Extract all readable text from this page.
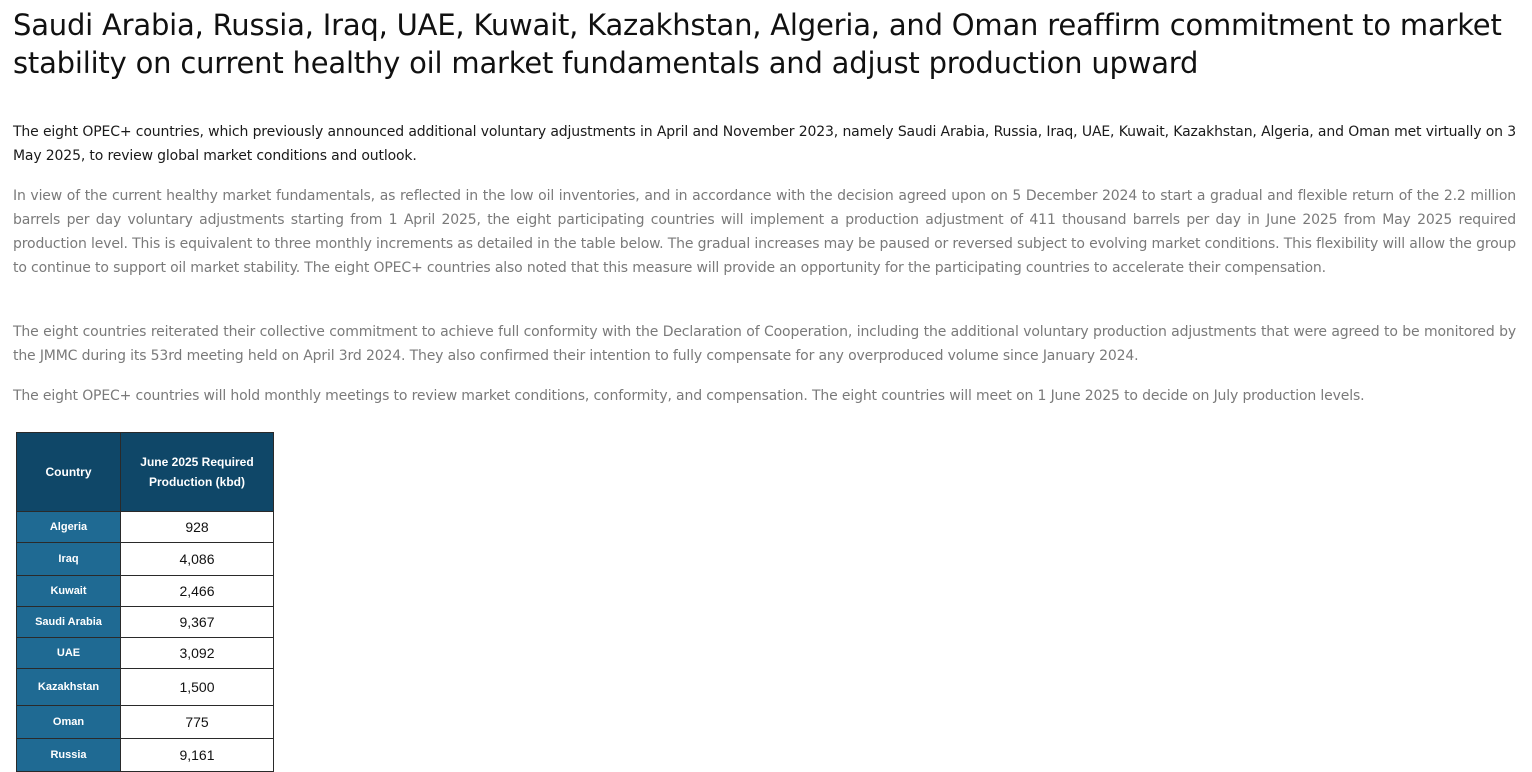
Saudi Arabia, Russia, Iraq, UAE, Kuwait, Kazakhstan, Algeria, and Oman reaffirm commitment to market stability on current healthy oil market fundamentals and adjust production upward

The eight OPEC+ countries, which previously announced additional voluntary adjustments in April and November 2023, namely Saudi Arabia, Russia, Iraq, UAE, Kuwait, Kazakhstan, Algeria, and Oman met virtually on 3 May 2025, to review global market conditions and outlook.

In view of the current healthy market fundamentals, as reflected in the low oil inventories, and in accordance with the decision agreed upon on 5 December 2024 to start a gradual and flexible return of the 2.2 million barrels per day voluntary adjustments starting from 1 April 2025, the eight participating countries will implement a production adjustment of 411 thousand barrels per day in June 2025 from May 2025 required production level. This is equivalent to three monthly increments as detailed in the table below. The gradual increases may be paused or reversed subject to evolving market conditions. This flexibility will allow the group to continue to support oil market stability. The eight OPEC+ countries also noted that this measure will provide an opportunity for the participating countries to accelerate their compensation.

The eight countries reiterated their collective commitment to achieve full conformity with the Declaration of Cooperation, including the additional voluntary production adjustments that were agreed to be monitored by the JMMC during its 53rd meeting held on April 3rd 2024. They also confirmed their intention to fully compensate for any overproduced volume since January 2024.

The eight OPEC+ countries will hold monthly meetings to review market conditions, conformity, and compensation. The eight countries will meet on 1 June 2025 to decide on July production levels.

Country	June 2025 Required
Production (kbd)
Algeria	928
Iraq	4,086
Kuwait	2,466
Saudi Arabia	9,367
UAE	3,092
Kazakhstan	1,500
Oman	775
Russia	9,161
